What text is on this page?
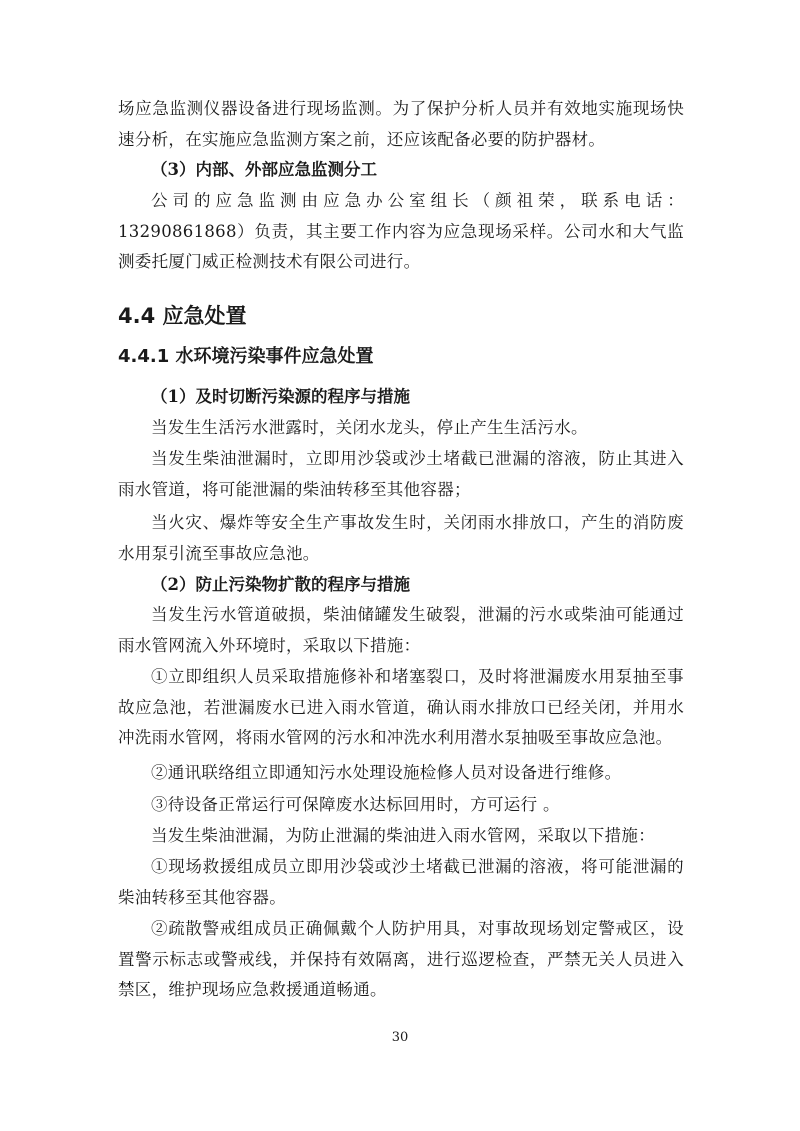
场应急监测仪器设备进行现场监测。为了保护分析人员并有效地实施现场快速分析，在实施应急监测方案之前，还应该配备必要的防护器材。

（3）内部、外部应急监测分工

公司的应急监测由应急办公室组长（颜祖荣，联系电话：13290861868）负责，其主要工作内容为应急现场采样。公司水和大气监测委托厦门威正检测技术有限公司进行。

4.4 应急处置
4.4.1 水环境污染事件应急处置

（1）及时切断污染源的程序与措施

当发生生活污水泄露时，关闭水龙头，停止产生生活污水。

当发生柴油泄漏时，立即用沙袋或沙土堵截已泄漏的溶液，防止其进入雨水管道，将可能泄漏的柴油转移至其他容器；

当火灾、爆炸等安全生产事故发生时，关闭雨水排放口，产生的消防废水用泵引流至事故应急池。

（2）防止污染物扩散的程序与措施

当发生污水管道破损，柴油储罐发生破裂，泄漏的污水或柴油可能通过雨水管网流入外环境时，采取以下措施：

①立即组织人员采取措施修补和堵塞裂口，及时将泄漏废水用泵抽至事故应急池，若泄漏废水已进入雨水管道，确认雨水排放口已经关闭，并用水冲洗雨水管网，将雨水管网的污水和冲洗水利用潜水泵抽吸至事故应急池。

②通讯联络组立即通知污水处理设施检修人员对设备进行维修。

③待设备正常运行可保障废水达标回用时，方可运行 。

当发生柴油泄漏，为防止泄漏的柴油进入雨水管网，采取以下措施：

①现场救援组成员立即用沙袋或沙土堵截已泄漏的溶液，将可能泄漏的柴油转移至其他容器。

②疏散警戒组成员正确佩戴个人防护用具，对事故现场划定警戒区，设置警示标志或警戒线，并保持有效隔离，进行巡逻检查，严禁无关人员进入禁区，维护现场应急救援通道畅通。

30
